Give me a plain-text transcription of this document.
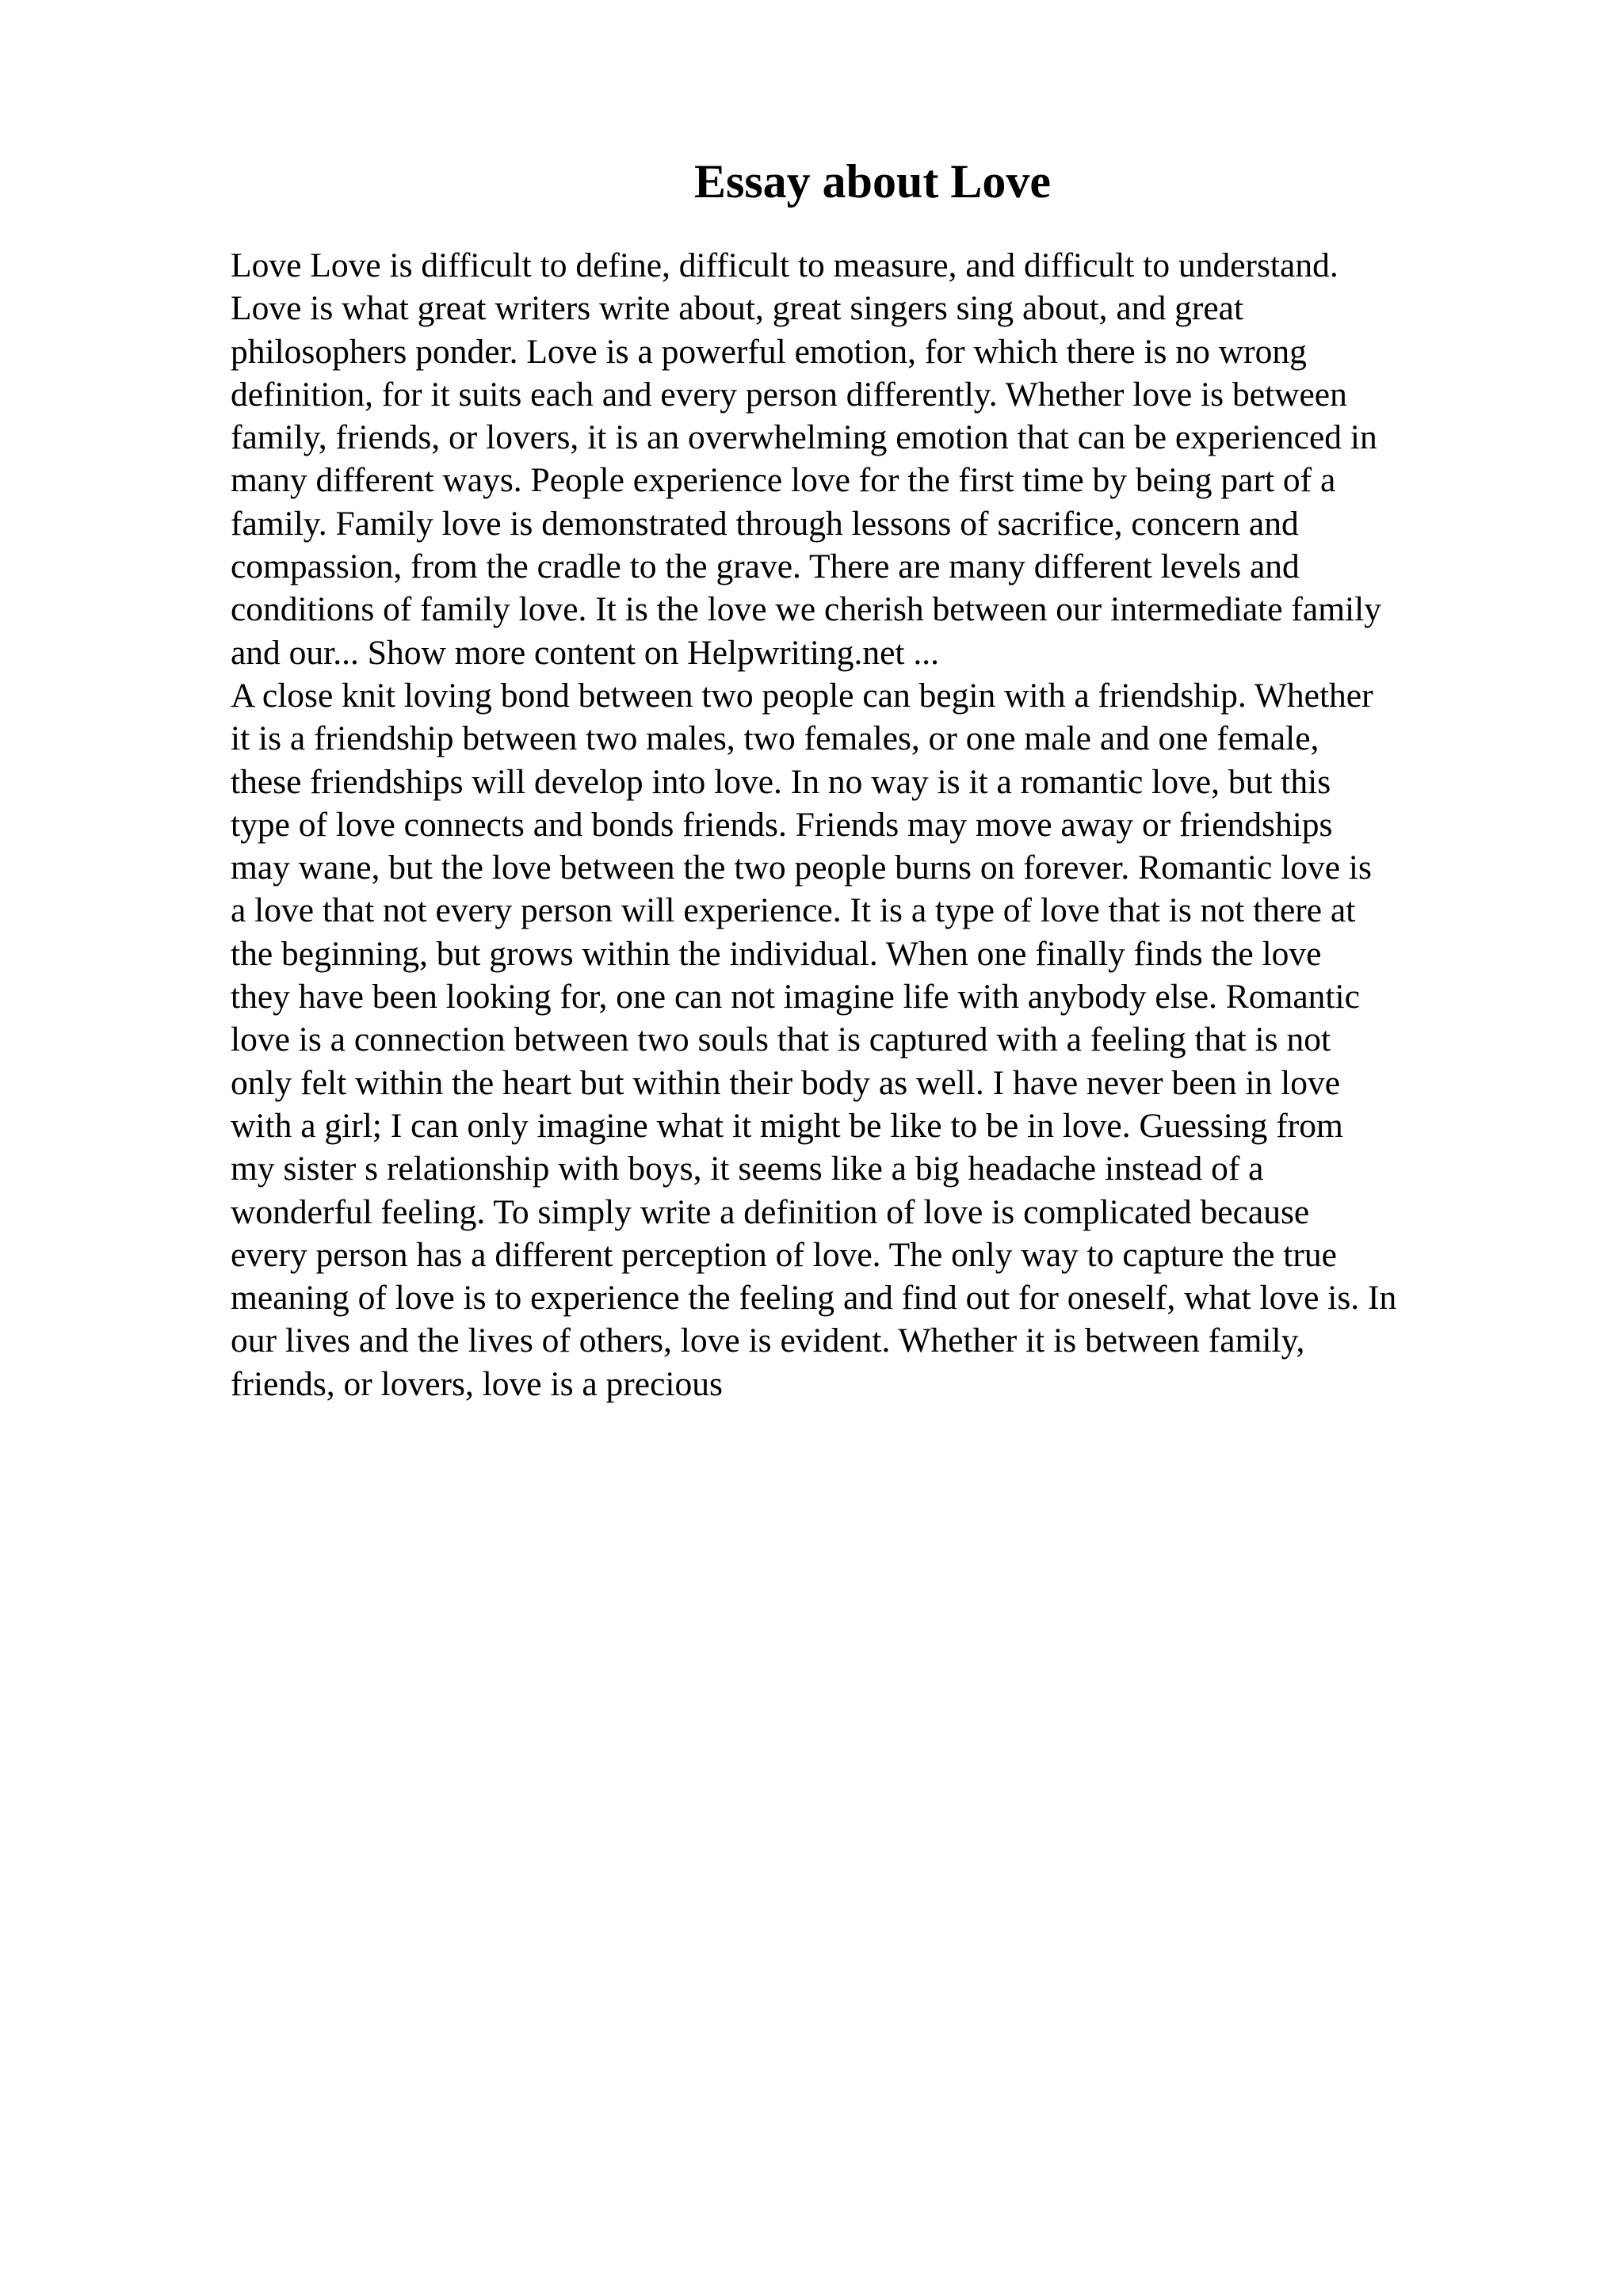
Essay about Love
Love Love is difficult to define, difficult to measure, and difficult to understand.
Love is what great writers write about, great singers sing about, and great
philosophers ponder. Love is a powerful emotion, for which there is no wrong
definition, for it suits each and every person differently. Whether love is between
family, friends, or lovers, it is an overwhelming emotion that can be experienced in
many different ways. People experience love for the first time by being part of a
family. Family love is demonstrated through lessons of sacrifice, concern and
compassion, from the cradle to the grave. There are many different levels and
conditions of family love. It is the love we cherish between our intermediate family
and our... Show more content on Helpwriting.net ...
A close knit loving bond between two people can begin with a friendship. Whether
it is a friendship between two males, two females, or one male and one female,
these friendships will develop into love. In no way is it a romantic love, but this
type of love connects and bonds friends. Friends may move away or friendships
may wane, but the love between the two people burns on forever. Romantic love is
a love that not every person will experience. It is a type of love that is not there at
the beginning, but grows within the individual. When one finally finds the love
they have been looking for, one can not imagine life with anybody else. Romantic
love is a connection between two souls that is captured with a feeling that is not
only felt within the heart but within their body as well. I have never been in love
with a girl; I can only imagine what it might be like to be in love. Guessing from
my sister s relationship with boys, it seems like a big headache instead of a
wonderful feeling. To simply write a definition of love is complicated because
every person has a different perception of love. The only way to capture the true
meaning of love is to experience the feeling and find out for oneself, what love is. In
our lives and the lives of others, love is evident. Whether it is between family,
friends, or lovers, love is a precious
